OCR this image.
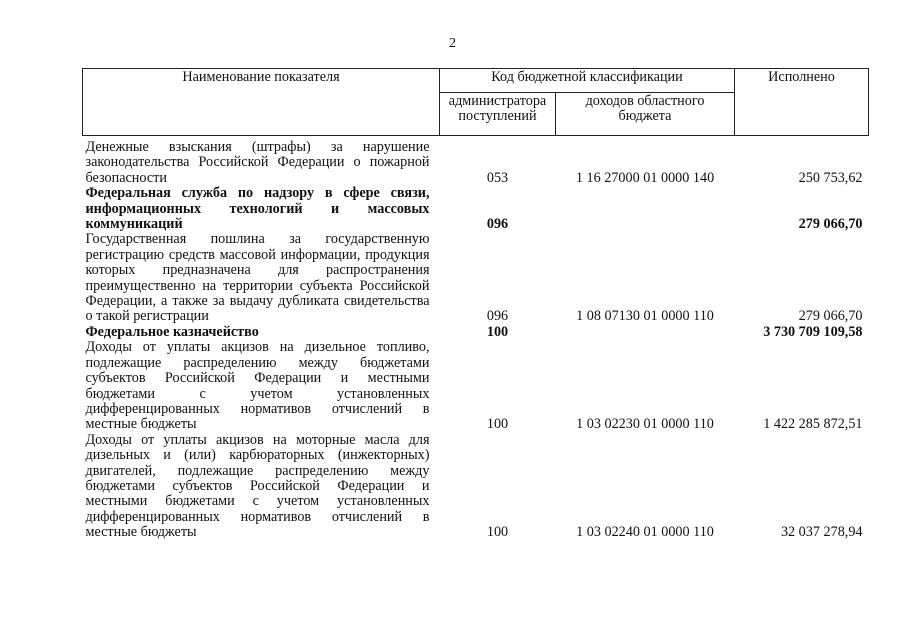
2
Наименование показателя	Код бюджетной классификации		Исполнено
	администратора поступлений	доходов областного бюджета	
Денежные взыскания (штрафы) за нарушение законодательства Российской Федерации о пожарной безопасности	053	1 16 27000 01 0000 140	250 753,62
Федеральная служба по надзору в сфере связи, информационных технологий и массовых коммуникаций	096		279 066,70
Государственная пошлина за государственную регистрацию средств массовой информации, продукция которых предназначена для распространения преимущественно на территории субъекта Российской Федерации, а также за выдачу дубликата свидетельства о такой регистрации	096	1 08 07130 01 0000 110	279 066,70
Федеральное казначейство	100		3 730 709 109,58
Доходы от уплаты акцизов на дизельное топливо, подлежащие распределению между бюджетами субъектов Российской Федерации и местными бюджетами с учетом установленных дифференцированных нормативов отчислений в местные бюджеты	100	1 03 02230 01 0000 110	1 422 285 872,51
Доходы от уплаты акцизов на моторные масла для дизельных и (или) карбюраторных (инжекторных) двигателей, подлежащие распределению между бюджетами субъектов Российской Федерации и местными бюджетами с учетом установленных дифференцированных нормативов отчислений в местные бюджеты	100	1 03 02240 01 0000 110	32 037 278,94
